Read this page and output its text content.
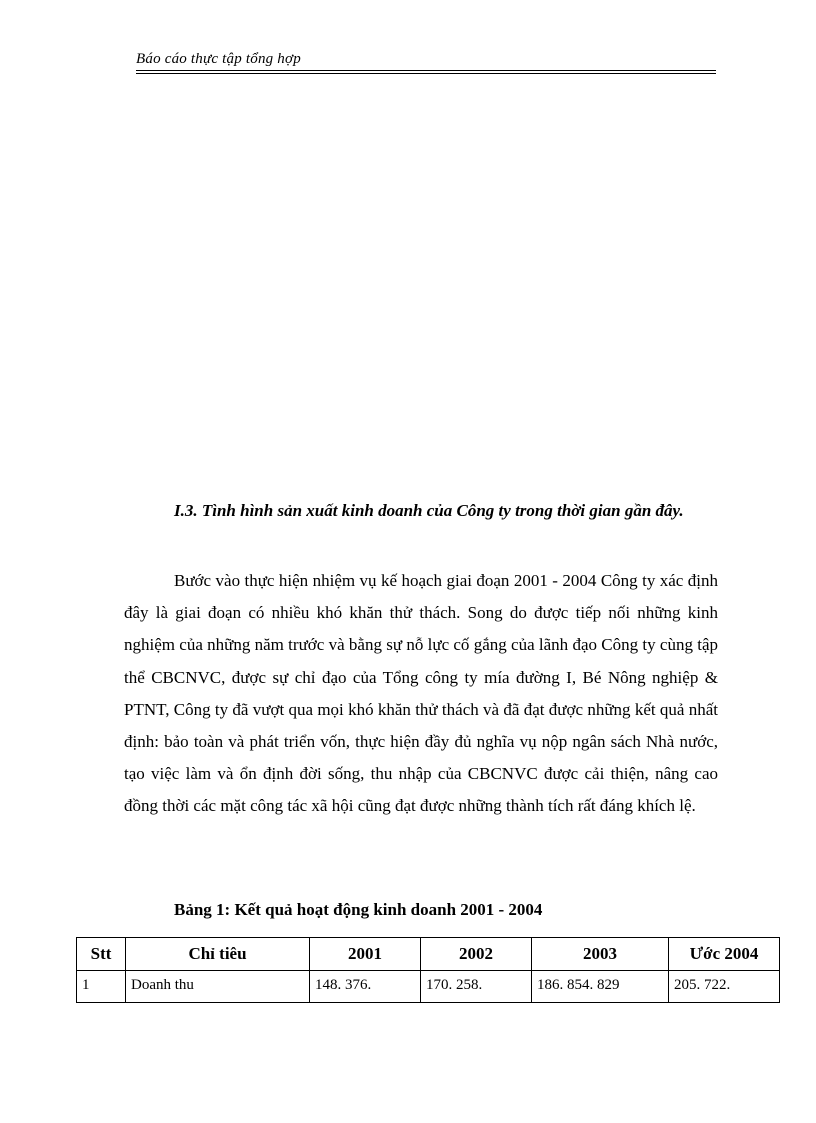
Báo cáo thực tập tổng hợp
I.3. Tình hình sản xuất kinh doanh của Công ty trong thời gian gần đây.
Bước vào thực hiện nhiệm vụ kế hoạch giai đoạn 2001 - 2004 Công ty xác định đây là giai đoạn có nhiều khó khăn thử thách. Song do được tiếp nối những kinh nghiệm của những năm trước và bằng sự nỗ lực cố gắng của lãnh đạo Công ty cùng tập thể CBCNVC, được sự chỉ đạo của Tổng công ty mía đường I, Bé Nông nghiệp & PTNT, Công ty đã vượt qua mọi khó khăn thử thách và đã đạt được những kết quả nhất định: bảo toàn và phát triển vốn, thực hiện đầy đủ nghĩa vụ nộp ngân sách Nhà nước, tạo việc làm và ổn định đời sống, thu nhập của CBCNVC được cải thiện, nâng cao đồng thời các mặt công tác xã hội cũng đạt được những thành tích rất đáng khích lệ.
Bảng 1: Kết quả hoạt động kinh doanh 2001 - 2004
Stt	Chỉ tiêu	2001	2002	2003	Ước 2004
1	Doanh thu	148. 376.	170. 258.	186. 854. 829	205. 722.
